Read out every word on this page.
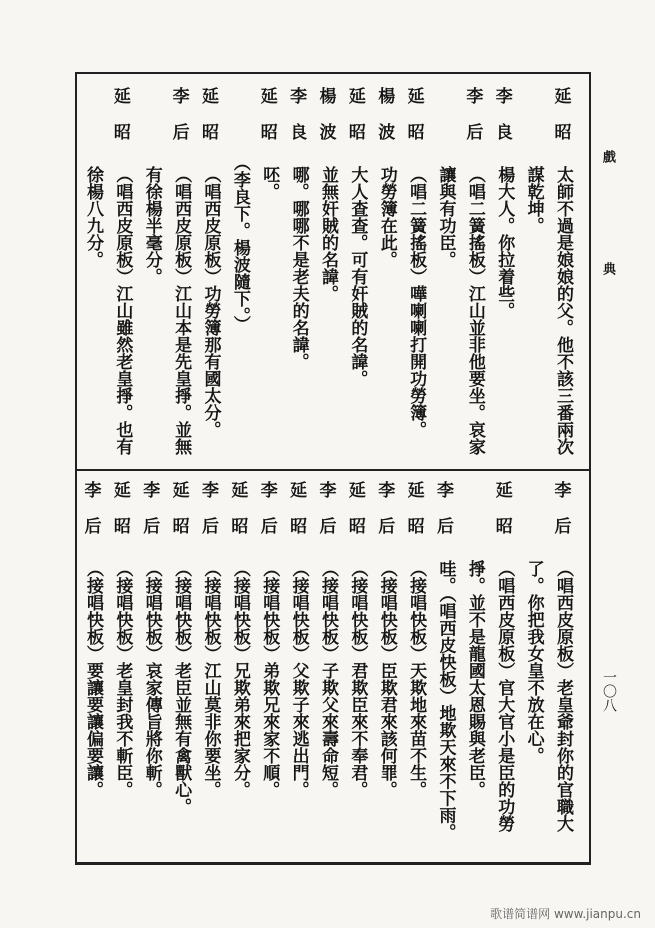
戲
典
一〇八
延
昭
太師不過是娘娘的父。他不該三番兩次
謀乾坤。
李
良
楊大人。你拉着些。
李
后
（唱二簧搖板）江山並非他要坐。哀家
讓與有功臣。
延
昭
（唱二簧搖板）嘩喇喇打開功勞簿。
楊
波
功勞簿在此。
延
昭
大人查查。可有奸賊的名諱。
楊
波
並無奸賊的名諱。
李
良
哪。哪哪不是老夫的名諱。
延
昭
呸。
（李良下。楊波隨下。）
延
昭
（唱西皮原板）功勞簿那有國太分。
李
后
（唱西皮原板）江山本是先皇掙。並無
有徐楊半毫分。
延
昭
（唱西皮原板）江山雖然老皇掙。也有
徐楊八九分。
李
后
（唱西皮原板）老皇爺封你的官職大
了。你把我女皇不放在心。
延
昭
（唱西皮原板）官大官小是臣的功勞
掙。並不是龍國太恩賜與老臣。
李
后
哇。（唱西皮快板）地欺天來不下雨。
延
昭
（接唱快板）天欺地來苗不生。
李
后
（接唱快板）臣欺君來該何罪。
延
昭
（接唱快板）君欺臣來不奉君。
李
后
（接唱快板）子欺父來壽命短。
延
昭
（接唱快板）父欺子來逃出門。
李
后
（接唱快板）弟欺兄來家不順。
延
昭
（接唱快板）兄欺弟來把家分。
李
后
（接唱快板）江山莫非你要坐。
延
昭
（接唱快板）老臣並無有禽獸心。
李
后
（接唱快板）哀家傳旨將你斬。
延
昭
（接唱快板）老皇封我不斬臣。
李
后
（接唱快板）要讓要讓偏要讓。
歌谱简谱网 www.jianpu.cn
